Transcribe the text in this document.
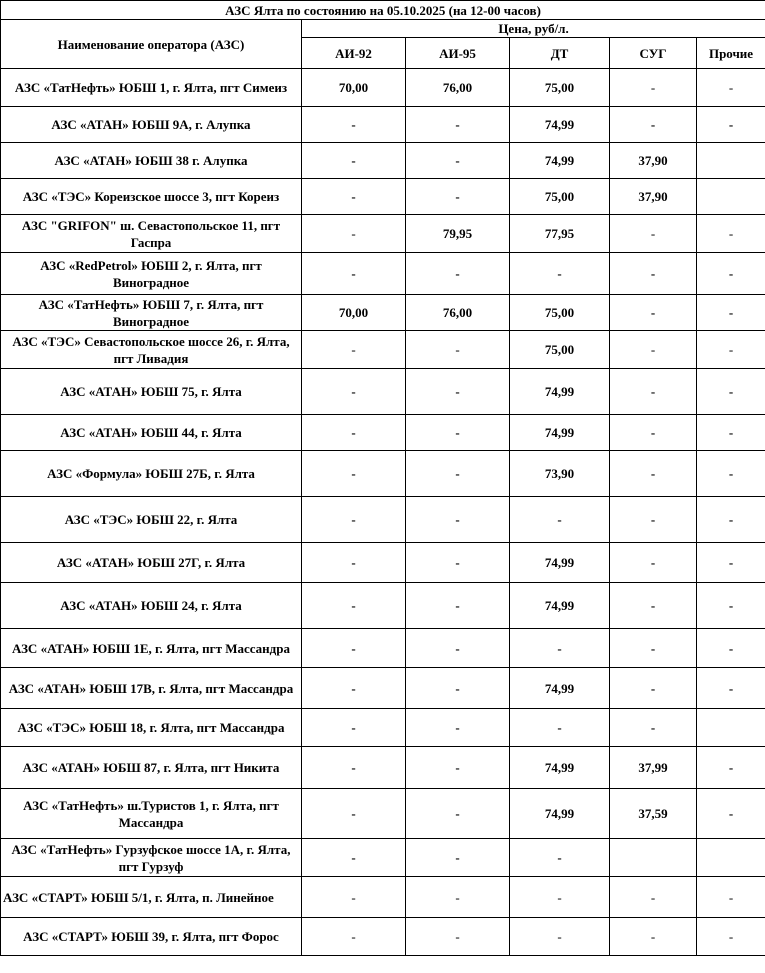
АЗС Ялта по состоянию на 05.10.2025 (на 12-00 часов)					
Наименование оператора (АЗС)	Цена, руб/л.				
	АИ-92	АИ-95	ДТ	СУГ	Прочие
АЗС «ТатНефть» ЮБШ 1, г. Ялта, пгт Симеиз	70,00	76,00	75,00	-	-
АЗС «АТАН» ЮБШ 9А, г. Алупка	-	-	74,99	-	-
АЗС «АТАН» ЮБШ 38 г. Алупка	-	-	74,99	37,90	
АЗС «ТЭС» Кореизское шоссе 3, пгт Кореиз	-	-	75,00	37,90	
АЗС "GRIFON" ш. Севастопольское 11, пгт Гаспра	-	79,95	77,95	-	-
АЗС «RedPetrol» ЮБШ 2, г. Ялта, пгт Виноградное	-	-	-	-	-
АЗС «ТатНефть» ЮБШ 7, г. Ялта, пгт Виноградное	70,00	76,00	75,00	-	-
АЗС «ТЭС» Севастопольское шоссе 26, г. Ялта, пгт Ливадия	-	-	75,00	-	-
АЗС «АТАН» ЮБШ 75, г. Ялта	-	-	74,99	-	-
АЗС «АТАН» ЮБШ 44, г. Ялта	-	-	74,99	-	-
АЗС «Формула» ЮБШ 27Б, г. Ялта	-	-	73,90	-	-
АЗС «ТЭС» ЮБШ 22, г. Ялта	-	-	-	-	-
АЗС «АТАН» ЮБШ 27Г, г. Ялта	-	-	74,99	-	-
АЗС «АТАН» ЮБШ 24, г. Ялта	-	-	74,99	-	-
АЗС «АТАН» ЮБШ 1Е, г. Ялта, пгт Массандра	-	-	-	-	-
АЗС «АТАН» ЮБШ 17В, г. Ялта, пгт Массандра	-	-	74,99	-	-
АЗС «ТЭС» ЮБШ 18, г. Ялта, пгт Массандра	-	-	-	-	
АЗС «АТАН» ЮБШ 87, г. Ялта, пгт Никита	-	-	74,99	37,99	-
АЗС «ТатНефть» ш.Туристов 1, г. Ялта, пгт Массандра	-	-	74,99	37,59	-
АЗС «ТатНефть» Гурзуфское шоссе 1А, г. Ялта, пгт Гурзуф	-	-	-		
АЗС «СТАРТ» ЮБШ 5/1, г. Ялта, п. Линейное	-	-	-	-	-
АЗС «СТАРТ» ЮБШ 39, г. Ялта, пгт Форос	-	-	-	-	-
